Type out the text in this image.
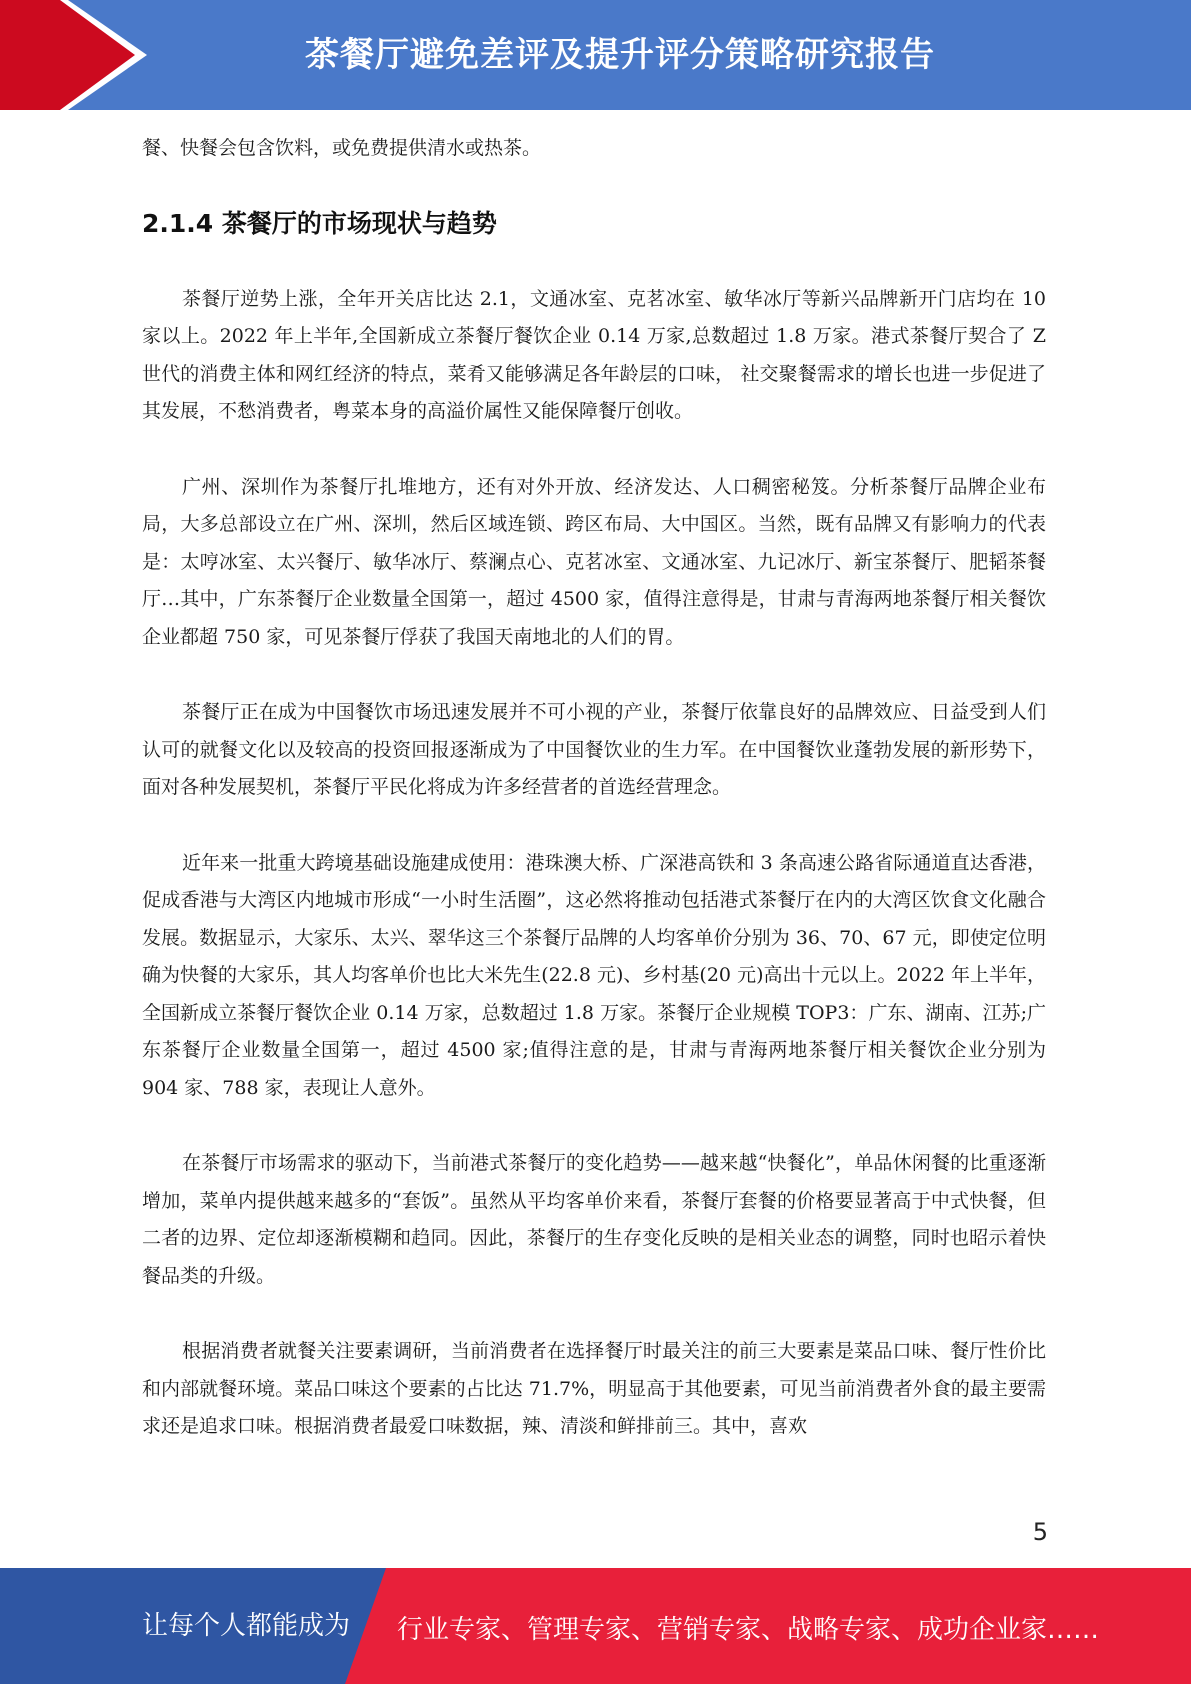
茶餐厅避免差评及提升评分策略研究报告

餐、快餐会包含饮料，或免费提供清水或热茶。

2.1.4 茶餐厅的市场现状与趋势

茶餐厅逆势上涨，全年开关店比达 2.1，文通冰室、克茗冰室、敏华冰厅等新兴品牌新开门店均在 10 家以上。2022 年上半年,全国新成立茶餐厅餐饮企业 0.14 万家,总数超过 1.8 万家。港式茶餐厅契合了 Z 世代的消费主体和网红经济的特点，菜肴又能够满足各年龄层的口味， 社交聚餐需求的增长也进一步促进了其发展，不愁消费者，粤菜本身的高溢价属性又能保障餐厅创收。

广州、深圳作为茶餐厅扎堆地方，还有对外开放、经济发达、人口稠密秘笈。分析茶餐厅品牌企业布局，大多总部设立在广州、深圳，然后区域连锁、跨区布局、大中国区。当然，既有品牌又有影响力的代表是：太哼冰室、太兴餐厅、敏华冰厅、蔡澜点心、克茗冰室、文通冰室、九记冰厅、新宝茶餐厅、肥韬茶餐厅…其中，广东茶餐厅企业数量全国第一，超过 4500 家，值得注意得是，甘肃与青海两地茶餐厅相关餐饮企业都超 750 家，可见茶餐厅俘获了我国天南地北的人们的胃。

茶餐厅正在成为中国餐饮市场迅速发展并不可小视的产业，茶餐厅依靠良好的品牌效应、日益受到人们认可的就餐文化以及较高的投资回报逐渐成为了中国餐饮业的生力军。在中国餐饮业蓬勃发展的新形势下，面对各种发展契机，茶餐厅平民化将成为许多经营者的首选经营理念。

近年来一批重大跨境基础设施建成使用：港珠澳大桥、广深港高铁和 3 条高速公路省际通道直达香港，促成香港与大湾区内地城市形成“一小时生活圈”，这必然将推动包括港式茶餐厅在内的大湾区饮食文化融合发展。数据显示，大家乐、太兴、翠华这三个茶餐厅品牌的人均客单价分别为 36、70、67 元，即使定位明确为快餐的大家乐，其人均客单价也比大米先生(22.8 元)、乡村基(20 元)高出十元以上。2022 年上半年，全国新成立茶餐厅餐饮企业 0.14 万家，总数超过 1.8 万家。茶餐厅企业规模 TOP3：广东、湖南、江苏;广东茶餐厅企业数量全国第一，超过 4500 家;值得注意的是，甘肃与青海两地茶餐厅相关餐饮企业分别为 904 家、788 家，表现让人意外。

在茶餐厅市场需求的驱动下，当前港式茶餐厅的变化趋势——越来越“快餐化”，单品休闲餐的比重逐渐增加，菜单内提供越来越多的“套饭”。虽然从平均客单价来看，茶餐厅套餐的价格要显著高于中式快餐，但二者的边界、定位却逐渐模糊和趋同。因此，茶餐厅的生存变化反映的是相关业态的调整，同时也昭示着快餐品类的升级。

根据消费者就餐关注要素调研，当前消费者在选择餐厅时最关注的前三大要素是菜品口味、餐厅性价比和内部就餐环境。菜品口味这个要素的占比达 71.7%，明显高于其他要素，可见当前消费者外食的最主要需求还是追求口味。根据消费者最爱口味数据，辣、清淡和鲜排前三。其中，喜欢

5
让每个人都能成为 行业专家、管理专家、营销专家、战略专家、成功企业家……
